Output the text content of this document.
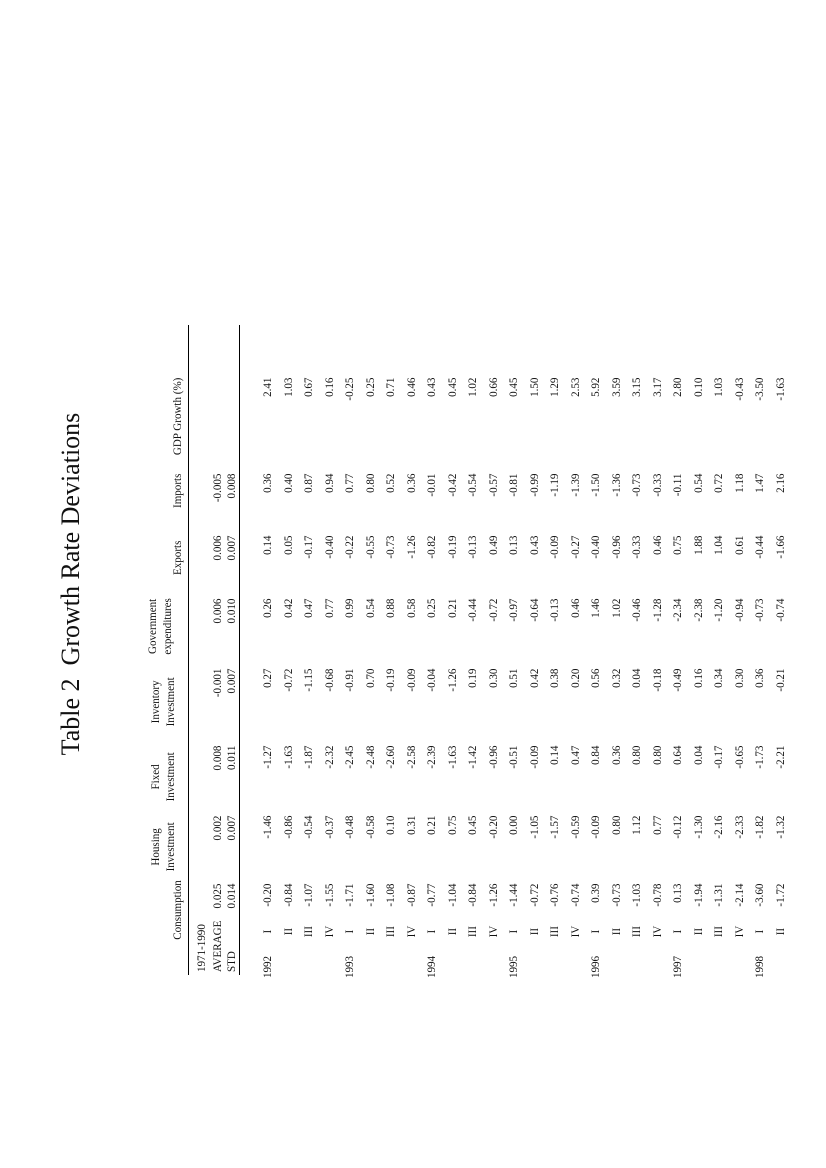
Table 2  Growth Rate Deviations
Consumption
Housing Investment
Fixed Investment
Inventory Investment
Government expenditures
Exports
Imports
GDP Growth (%)
1971-1990 AVERAGE
0.025
0.002
0.008
-0.001
0.006
0.006
-0.005
STD
0.014
0.007
0.011
0.007
0.010
0.007
0.008
1992
I
-0.20
-1.46
-1.27
0.27
0.26
0.14
0.36
2.41
II
-0.84
-0.86
-1.63
-0.72
0.42
0.05
0.40
1.03
III
-1.07
-0.54
-1.87
-1.15
0.47
-0.17
0.87
0.67
IV
-1.55
-0.37
-2.32
-0.68
0.77
-0.40
0.94
0.16
1993
I
-1.71
-0.48
-2.45
-0.91
0.99
-0.22
0.77
-0.25
II
-1.60
-0.58
-2.48
0.70
0.54
-0.55
0.80
0.25
III
-1.08
0.10
-2.60
-0.19
0.88
-0.73
0.52
0.71
IV
-0.87
0.31
-2.58
-0.09
0.58
-1.26
0.36
0.46
1994
I
-0.77
0.21
-2.39
-0.04
0.25
-0.82
-0.01
0.43
II
-1.04
0.75
-1.63
-1.26
0.21
-0.19
-0.42
0.45
III
-0.84
0.45
-1.42
0.19
-0.44
-0.13
-0.54
1.02
IV
-1.26
-0.20
-0.96
0.30
-0.72
0.49
-0.57
0.66
1995
I
-1.44
0.00
-0.51
0.51
-0.97
0.13
-0.81
0.45
II
-0.72
-1.05
-0.09
0.42
-0.64
0.43
-0.99
1.50
III
-0.76
-1.57
0.14
0.38
-0.13
-0.09
-1.19
1.29
IV
-0.74
-0.59
0.47
0.20
0.46
-0.27
-1.39
2.53
1996
I
0.39
-0.09
0.84
0.56
1.46
-0.40
-1.50
5.92
II
-0.73
0.80
0.36
0.32
1.02
-0.96
-1.36
3.59
III
-1.03
1.12
0.80
0.04
-0.46
-0.33
-0.73
3.15
IV
-0.78
0.77
0.80
-0.18
-1.28
0.46
-0.33
3.17
1997
I
0.13
-0.12
0.64
-0.49
-2.34
0.75
-0.11
2.80
II
-1.94
-1.30
0.04
0.16
-2.38
1.88
0.54
0.10
III
-1.31
-2.16
-0.17
0.34
-1.20
1.04
0.72
1.03
IV
-2.14
-2.33
-0.65
0.30
-0.94
0.61
1.18
-0.43
1998
I
-3.60
-1.82
-1.73
0.36
-0.73
-0.44
1.47
-3.50
II
-1.72
-1.32
-2.21
-0.21
-0.74
-1.66
2.16
-1.63
